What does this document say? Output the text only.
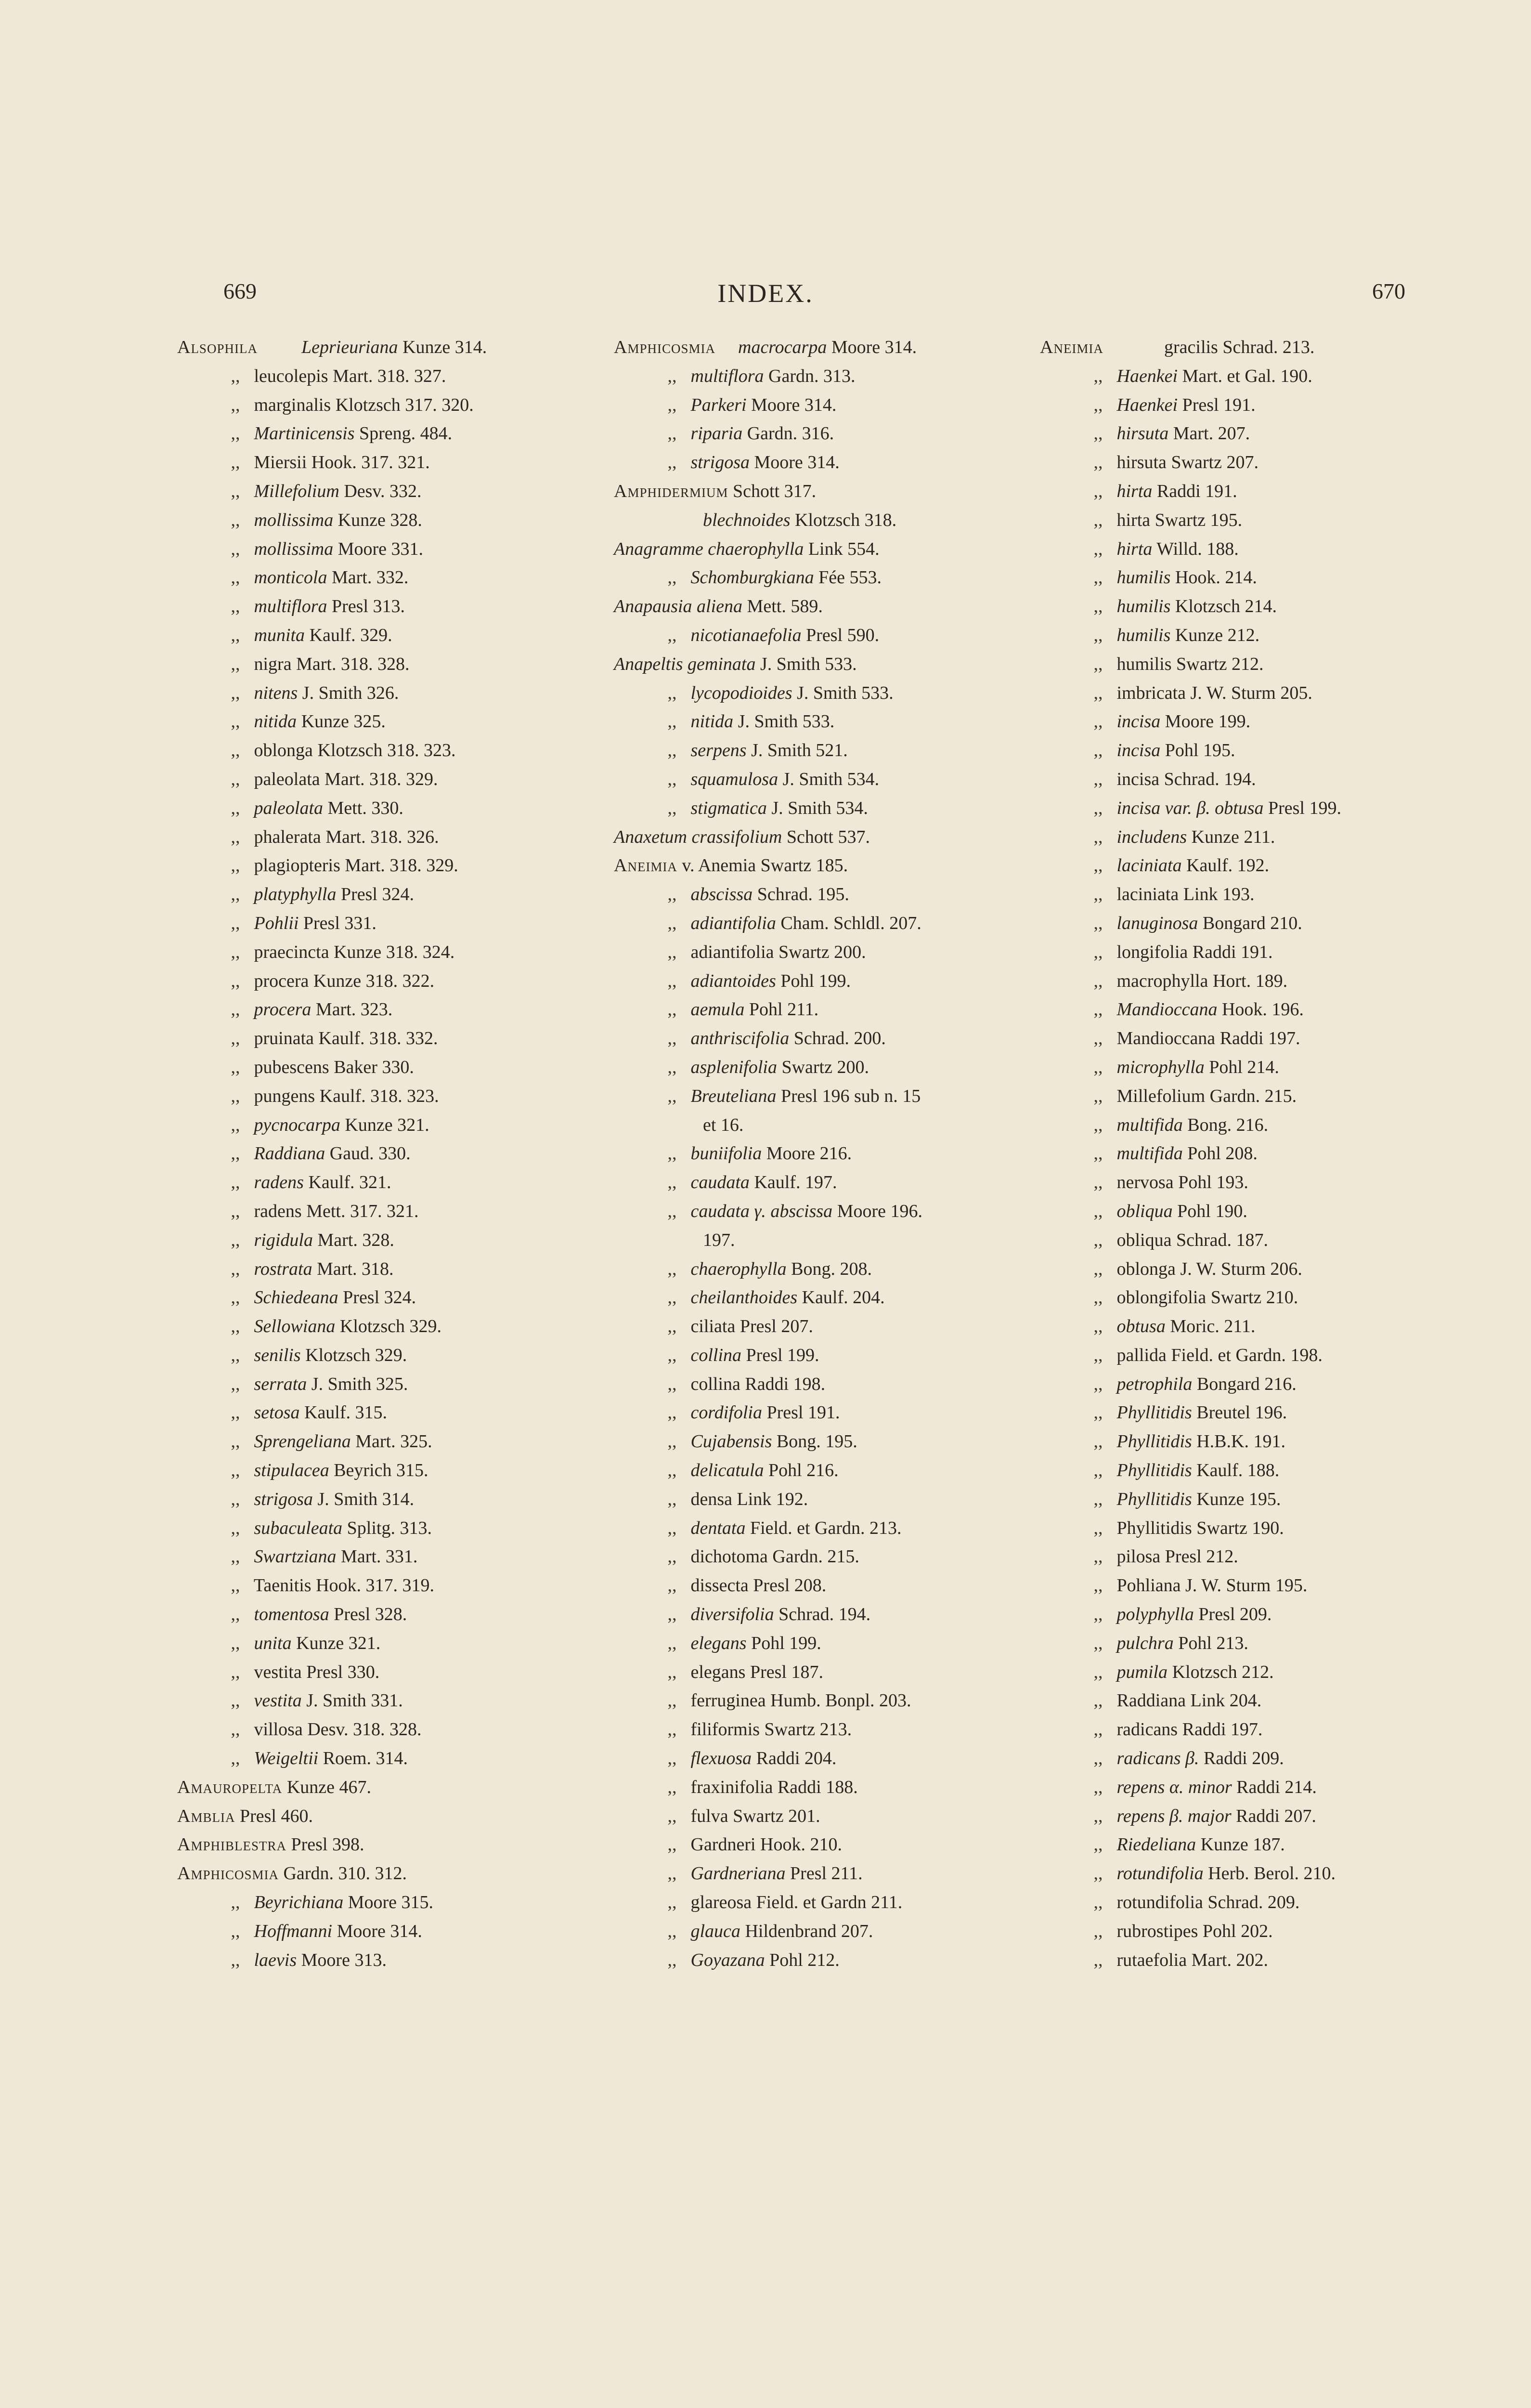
669	INDEX.	670
Alsophila Leprieuriana Kunze 314.
,, leucolepis Mart. 318. 327.
,, marginalis Klotzsch 317. 320.
,, Martinicensis Spreng. 484.
,, Miersii Hook. 317. 321.
,, Millefolium Desv. 332.
,, mollissima Kunze 328.
,, mollissima Moore 331.
,, monticola Mart. 332.
,, multiflora Presl 313.
,, munita Kaulf. 329.
,, nigra Mart. 318. 328.
,, nitens J. Smith 326.
,, nitida Kunze 325.
,, oblonga Klotzsch 318. 323.
,, paleolata Mart. 318. 329.
,, paleolata Mett. 330.
,, phalerata Mart. 318. 326.
,, plagiopteris Mart. 318. 329.
,, platyphylla Presl 324.
,, Pohlii Presl 331.
,, praecincta Kunze 318. 324.
,, procera Kunze 318. 322.
,, procera Mart. 323.
,, pruinata Kaulf. 318. 332.
,, pubescens Baker 330.
,, pungens Kaulf. 318. 323.
,, pycnocarpa Kunze 321.
,, Raddiana Gaud. 330.
,, radens Kaulf. 321.
,, radens Mett. 317. 321.
,, rigidula Mart. 328.
,, rostrata Mart. 318.
,, Schiedeana Presl 324.
,, Sellowiana Klotzsch 329.
,, senilis Klotzsch 329.
,, serrata J. Smith 325.
,, setosa Kaulf. 315.
,, Sprengeliana Mart. 325.
,, stipulacea Beyrich 315.
,, strigosa J. Smith 314.
,, subaculeata Splitg. 313.
,, Swartziana Mart. 331.
,, Taenitis Hook. 317. 319.
,, tomentosa Presl 328.
,, unita Kunze 321.
,, vestita Presl 330.
,, vestita J. Smith 331.
,, villosa Desv. 318. 328.
,, Weigeltii Roem. 314.
Amauropelta Kunze 467.
Amblia Presl 460.
Amphiblestra Presl 398.
Amphicosmia Gardn. 310. 312.
,, Beyrichiana Moore 315.
,, Hoffmanni Moore 314.
,, laevis Moore 313.
Amphicosmia macrocarpa Moore 314.
,, multiflora Gardn. 313.
,, Parkeri Moore 314.
,, riparia Gardn. 316.
,, strigosa Moore 314.
Amphidermium Schott 317.
blechnoides Klotzsch 318.
Anagramme chaerophylla Link 554.
,, Schomburgkiana Fée 553.
Anapausia alienа Mett. 589.
,, nicotianaefolia Presl 590.
Anapeltis geminata J. Smith 533.
,, lycopodioides J. Smith 533.
,, nitida J. Smith 533.
,, serpens J. Smith 521.
,, squamulosa J. Smith 534.
,, stigmatica J. Smith 534.
Anaxetum crassifolium Schott 537.
Aneimia v. Anemia Swartz 185.
,, abscissa Schrad. 195.
,, adiantifolia Cham. Schldl. 207.
,, adiantifolia Swartz 200.
,, adiantoides Pohl 199.
,, aemula Pohl 211.
,, anthriscifolia Schrad. 200.
,, asplenifolia Swartz 200.
,, Breuteliana Presl 196 sub n. 15
et 16.
,, buniifolia Moore 216.
,, caudata Kaulf. 197.
,, caudata γ. abscissa Moore 196.
197.
,, chaerophylla Bong. 208.
,, cheilanthoides Kaulf. 204.
,, ciliata Presl 207.
,, collina Presl 199.
,, collina Raddi 198.
,, cordifolia Presl 191.
,, Cujabensis Bong. 195.
,, delicatula Pohl 216.
,, densa Link 192.
,, dentata Field. et Gardn. 213.
,, dichotoma Gardn. 215.
,, dissecta Presl 208.
,, diversifolia Schrad. 194.
,, elegans Pohl 199.
,, elegans Presl 187.
,, ferruginea Humb. Bonpl. 203.
,, filiformis Swartz 213.
,, flexuosa Raddi 204.
,, fraxinifolia Raddi 188.
,, fulva Swartz 201.
,, Gardneri Hook. 210.
,, Gardneriana Presl 211.
,, glareosa Field. et Gardn 211.
,, glauca Hildenbrand 207.
,, Goyazana Pohl 212.
Aneimia	gracilis Schrad. 213.
,, Haenkei Mart. et Gal. 190.
,, Haenkei Presl 191.
,, hirsuta Mart. 207.
,, hirsuta Swartz 207.
,, hirta Raddi 191.
,, hirta Swartz 195.
,, hirta Willd. 188.
,, humilis Hook. 214.
,, humilis Klotzsch 214.
,, humilis Kunze 212.
,, humilis Swartz 212.
,, imbricata J. W. Sturm 205.
,, incisa Moore 199.
,, incisa Pohl 195.
,, incisa Schrad. 194.
,, incisa var. β. obtusa Presl 199.
,, includens Kunze 211.
,, laciniata Kaulf. 192.
,, laciniata Link 193.
,, lanuginosa Bongard 210.
,, longifolia Raddi 191.
,, macrophylla Hort. 189.
,, Mandioccana Hook. 196.
,, Mandioccana Raddi 197.
,, microphylla Pohl 214.
,, Millefolium Gardn. 215.
,, multifida Bong. 216.
,, multifida Pohl 208.
,, nervosa Pohl 193.
,, obliqua Pohl 190.
,, obliqua Schrad. 187.
,, oblonga J. W. Sturm 206.
,, oblongifolia Swartz 210.
,, obtusa Moric. 211.
,, pallida Field. et Gardn. 198.
,, petrophila Bongard 216.
,, Phyllitidis Breutel 196.
,, Phyllitidis H.B.K. 191.
,, Phyllitidis Kaulf. 188.
,, Phyllitidis Kunze 195.
,, Phyllitidis Swartz 190.
,, pilosa Presl 212.
,, Pohliana J. W. Sturm 195.
,, polyphylla Presl 209.
,, pulchra Pohl 213.
,, pumila Klotzsch 212.
,, Raddiana Link 204.
,, radicans Raddi 197.
,, radicans β. Raddi 209.
,, repens α. minor Raddi 214.
,, repens β. major Raddi 207.
,, Riedeliana Kunze 187.
,, rotundifolia Herb. Berol. 210.
,, rotundifolia Schrad. 209.
,, rubrostipes Pohl 202.
,, rutaefolia Mart. 202.
